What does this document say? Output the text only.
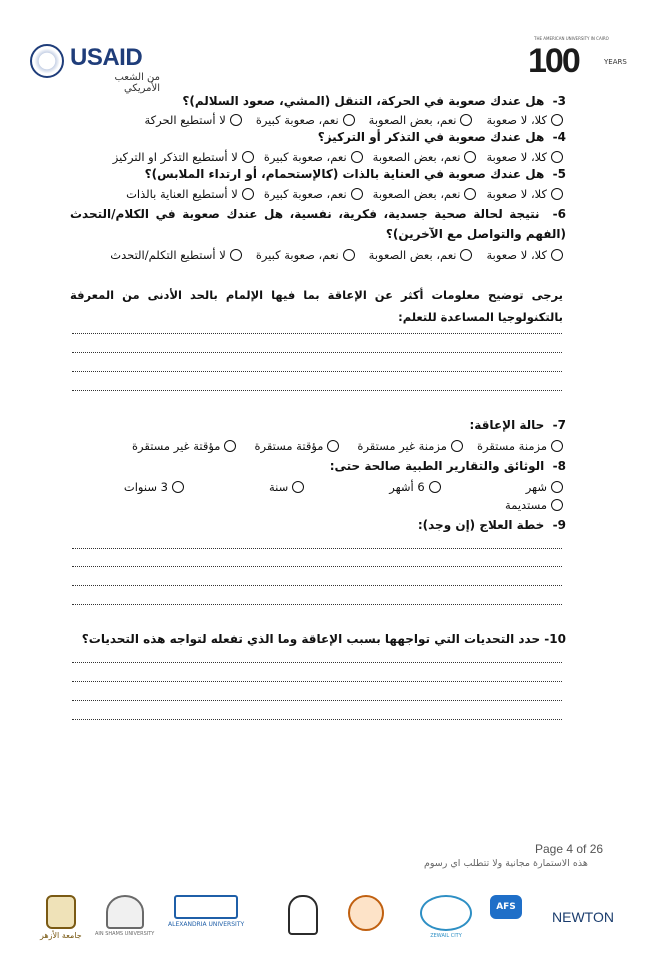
USAID
من الشعب الأمريكي
THE AMERICAN UNIVERSITY IN CAIRO
100	YEARS
3-  هل عندك صعوبة في الحركة، التنقل (المشي، صعود السلالم)؟
كلا، لا صعوبة
نعم، بعض الصعوبة
نعم، صعوبة كبيرة
لا أستطيع الحركة
4-  هل عندك صعوبة في التذكر أو التركيز؟
كلا، لا صعوبة
نعم، بعض الصعوبة
نعم، صعوبة كبيرة
لا أستطيع التذكر او التركيز
5-  هل عندك صعوبة في العناية بالذات (كالإستحمام، أو ارتداء الملابس)؟
كلا، لا صعوبة
نعم، بعض الصعوبة
نعم، صعوبة كبيرة
لا أستطيع العناية بالذات
6-  نتيجة لحالة صحية جسدية، فكرية، نفسية، هل عندك صعوبة في الكلام/التحدث (الفهم والتواصل مع الآخرين)؟
كلا، لا صعوبة
نعم، بعض الصعوبة
نعم، صعوبة كبيرة
لا أستطيع التكلم/التحدث
يرجى توضيح معلومات أكثر عن الإعاقة بما فيها الإلمام بالحد الأدنى من المعرفة بالتكنولوجيا المساعدة للتعلم:
7-  حالة الإعاقة:
مزمنة مستقرة
مزمنة غير مستقرة
مؤقتة مستقرة
مؤقتة غير مستقرة
8-  الوثائق والتقارير الطبية صالحة حتى:
شهر
6 أشهر
سنة
3 سنوات
مستديمة
9-  خطة العلاج (إن وجد):
10- حدد التحديات التي تواجهها بسبب الإعاقة وما الذي تفعله لتواجه هذه التحديات؟
Page 4 of 26
هذه الاستمارة مجانية ولا تتطلب اي رسوم
جامعة الأزهر	AIN SHAMS UNIVERSITY
ALEXANDRIA UNIVERSITY
ZEWAIL CITY
AFS
NEWTON
